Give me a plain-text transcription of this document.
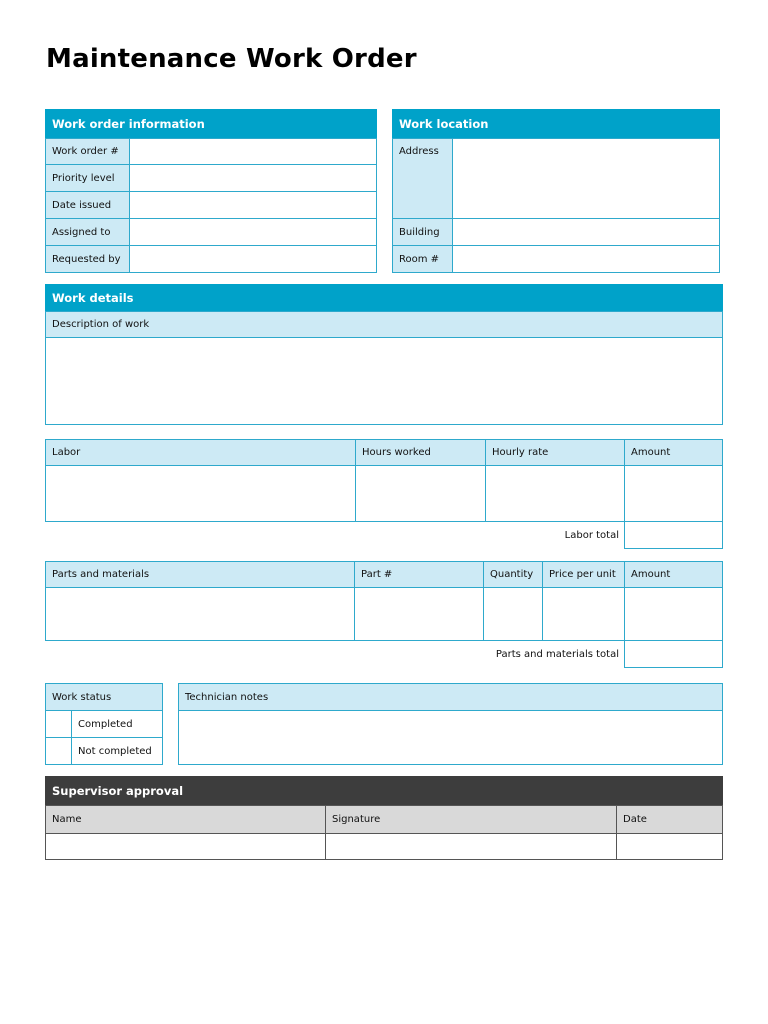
Maintenance Work Order
Work order information
Work order #
Priority level
Date issued
Assigned to
Requested by
Work location
Address
Building
Room #
Work details
Description of work
Labor	Hours worked	Hourly rate	Amount
Labor total
Parts and materials	Part #	Quantity	Price per unit	Amount
Parts and materials total
Work status
Completed
Not completed
Technician notes
Supervisor approval
Name	Signature	Date
